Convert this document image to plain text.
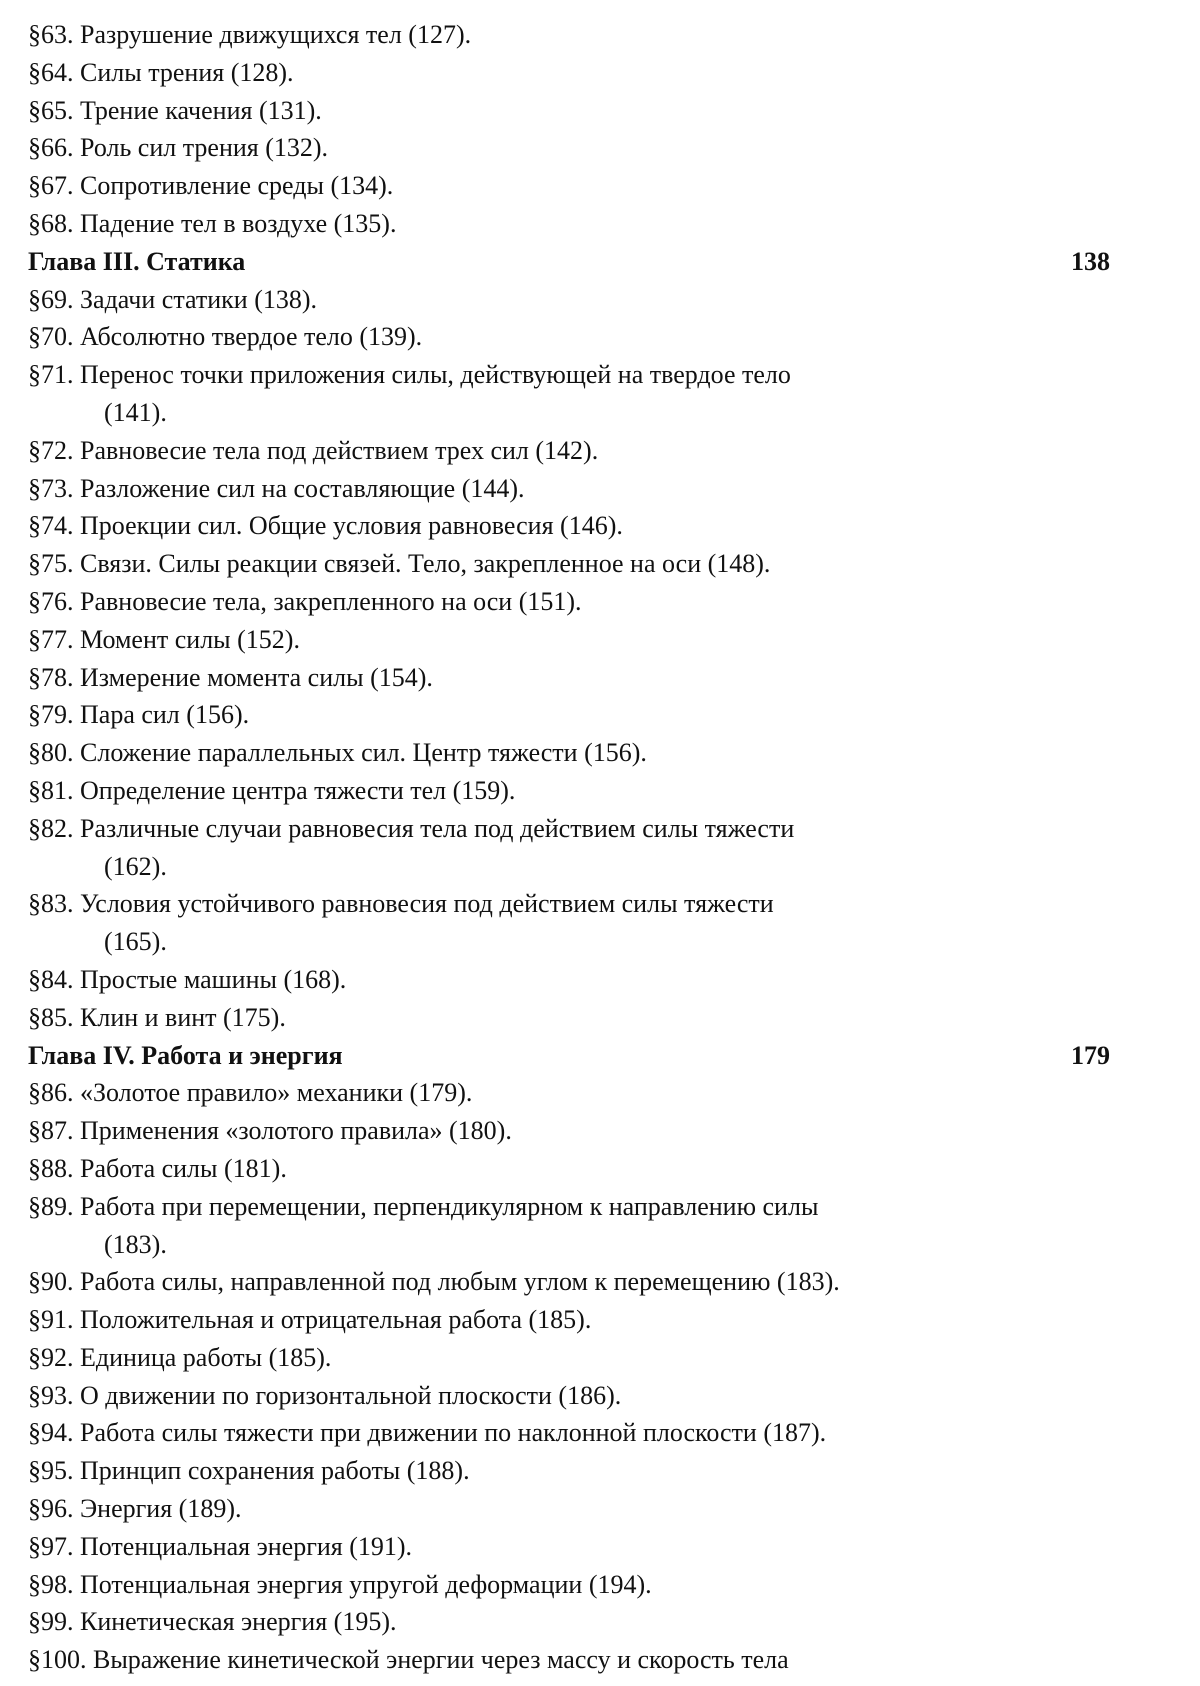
§63. Разрушение движущихся тел (127).
§64. Силы трения (128).
§65. Трение качения (131).
§66. Роль сил трения (132).
§67. Сопротивление среды (134).
§68. Падение тел в воздухе (135).
Глава III. Статика	138
§69. Задачи статики (138).
§70. Абсолютно твердое тело (139).
§71. Перенос точки приложения силы, действующей на твердое тело
(141).
§72. Равновесие тела под действием трех сил (142).
§73. Разложение сил на составляющие (144).
§74. Проекции сил. Общие условия равновесия (146).
§75. Связи. Силы реакции связей. Тело, закрепленное на оси (148).
§76. Равновесие тела, закрепленного на оси (151).
§77. Момент силы (152).
§78. Измерение момента силы (154).
§79. Пара сил (156).
§80. Сложение параллельных сил. Центр тяжести (156).
§81. Определение центра тяжести тел (159).
§82. Различные случаи равновесия тела под действием силы тяжести
(162).
§83. Условия устойчивого равновесия под действием силы тяжести
(165).
§84. Простые машины (168).
§85. Клин и винт (175).
Глава IV. Работа и энергия	179
§86. «Золотое правило» механики (179).
§87. Применения «золотого правила» (180).
§88. Работа силы (181).
§89. Работа при перемещении, перпендикулярном к направлению силы
(183).
§90. Работа силы, направленной под любым углом к перемещению (183).
§91. Положительная и отрицательная работа (185).
§92. Единица работы (185).
§93. О движении по горизонтальной плоскости (186).
§94. Работа силы тяжести при движении по наклонной плоскости (187).
§95. Принцип сохранения работы (188).
§96. Энергия (189).
§97. Потенциальная энергия (191).
§98. Потенциальная энергия упругой деформации (194).
§99. Кинетическая энергия (195).
§100. Выражение кинетической энергии через массу и скорость тела
